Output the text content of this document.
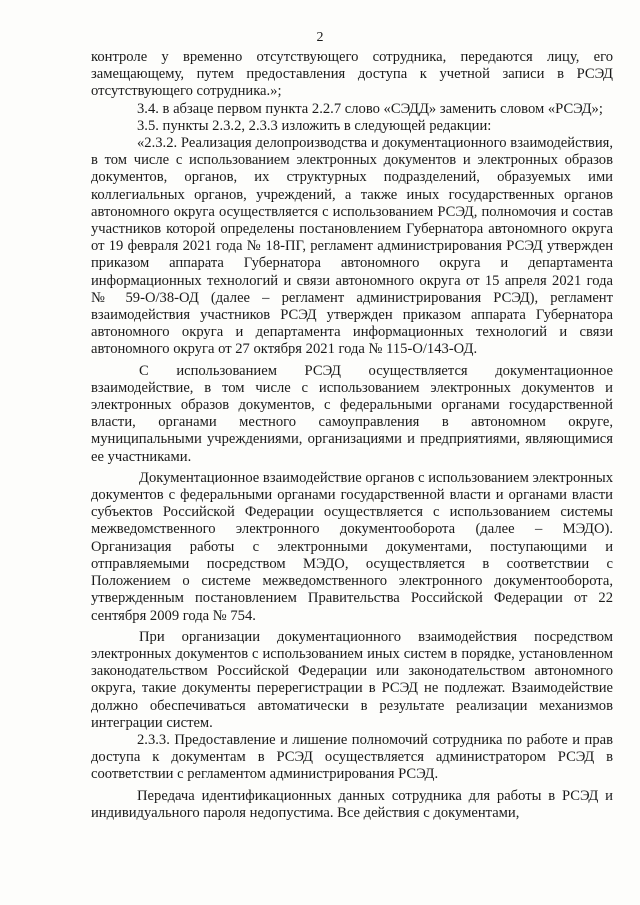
2

контроле у временно отсутствующего сотрудника, передаются лицу, его замещающему, путем предоставления доступа к учетной записи в РСЭД отсутствующего сотрудника.»;

3.4. в абзаце первом пункта 2.2.7 слово «СЭДД» заменить словом «РСЭД»;

3.5. пункты 2.3.2, 2.3.3 изложить в следующей редакции:

«2.3.2. Реализация делопроизводства и документационного взаимодействия, в том числе с использованием электронных документов и электронных образов документов, органов, их структурных подразделений, образуемых ими коллегиальных органов, учреждений, а также иных государственных органов автономного округа осуществляется с использованием РСЭД, полномочия и состав участников которой определены постановлением Губернатора автономного округа от 19 февраля 2021 года № 18-ПГ, регламент администрирования РСЭД утвержден приказом аппарата Губернатора автономного округа и департамента информационных технологий и связи автономного округа от 15 апреля 2021 года № 59-О/38-ОД (далее – регламент администрирования РСЭД), регламент взаимодействия участников РСЭД утвержден приказом аппарата Губернатора автономного округа и департамента информационных технологий и связи автономного округа от 27 октября 2021 года № 115-О/143-ОД.

С использованием РСЭД осуществляется документационное взаимодействие, в том числе с использованием электронных документов и электронных образов документов, с федеральными органами государственной власти, органами местного самоуправления в автономном округе, муниципальными учреждениями, организациями и предприятиями, являющимися ее участниками.

Документационное взаимодействие органов с использованием электронных документов с федеральными органами государственной власти и органами власти субъектов Российской Федерации осуществляется с использованием системы межведомственного электронного документооборота (далее – МЭДО). Организация работы с электронными документами, поступающими и отправляемыми посредством МЭДО, осуществляется в соответствии с Положением о системе межведомственного электронного документооборота, утвержденным постановлением Правительства Российской Федерации от 22 сентября 2009 года № 754.

При организации документационного взаимодействия посредством электронных документов с использованием иных систем в порядке, установленном законодательством Российской Федерации или законодательством автономного округа, такие документы перерегистрации в РСЭД не подлежат. Взаимодействие должно обеспечиваться автоматически в результате реализации механизмов интеграции систем.

2.3.3. Предоставление и лишение полномочий сотрудника по работе и прав доступа к документам в РСЭД осуществляется администратором РСЭД в соответствии с регламентом администрирования РСЭД.

Передача идентификационных данных сотрудника для работы в РСЭД и индивидуального пароля недопустима. Все действия с документами,
